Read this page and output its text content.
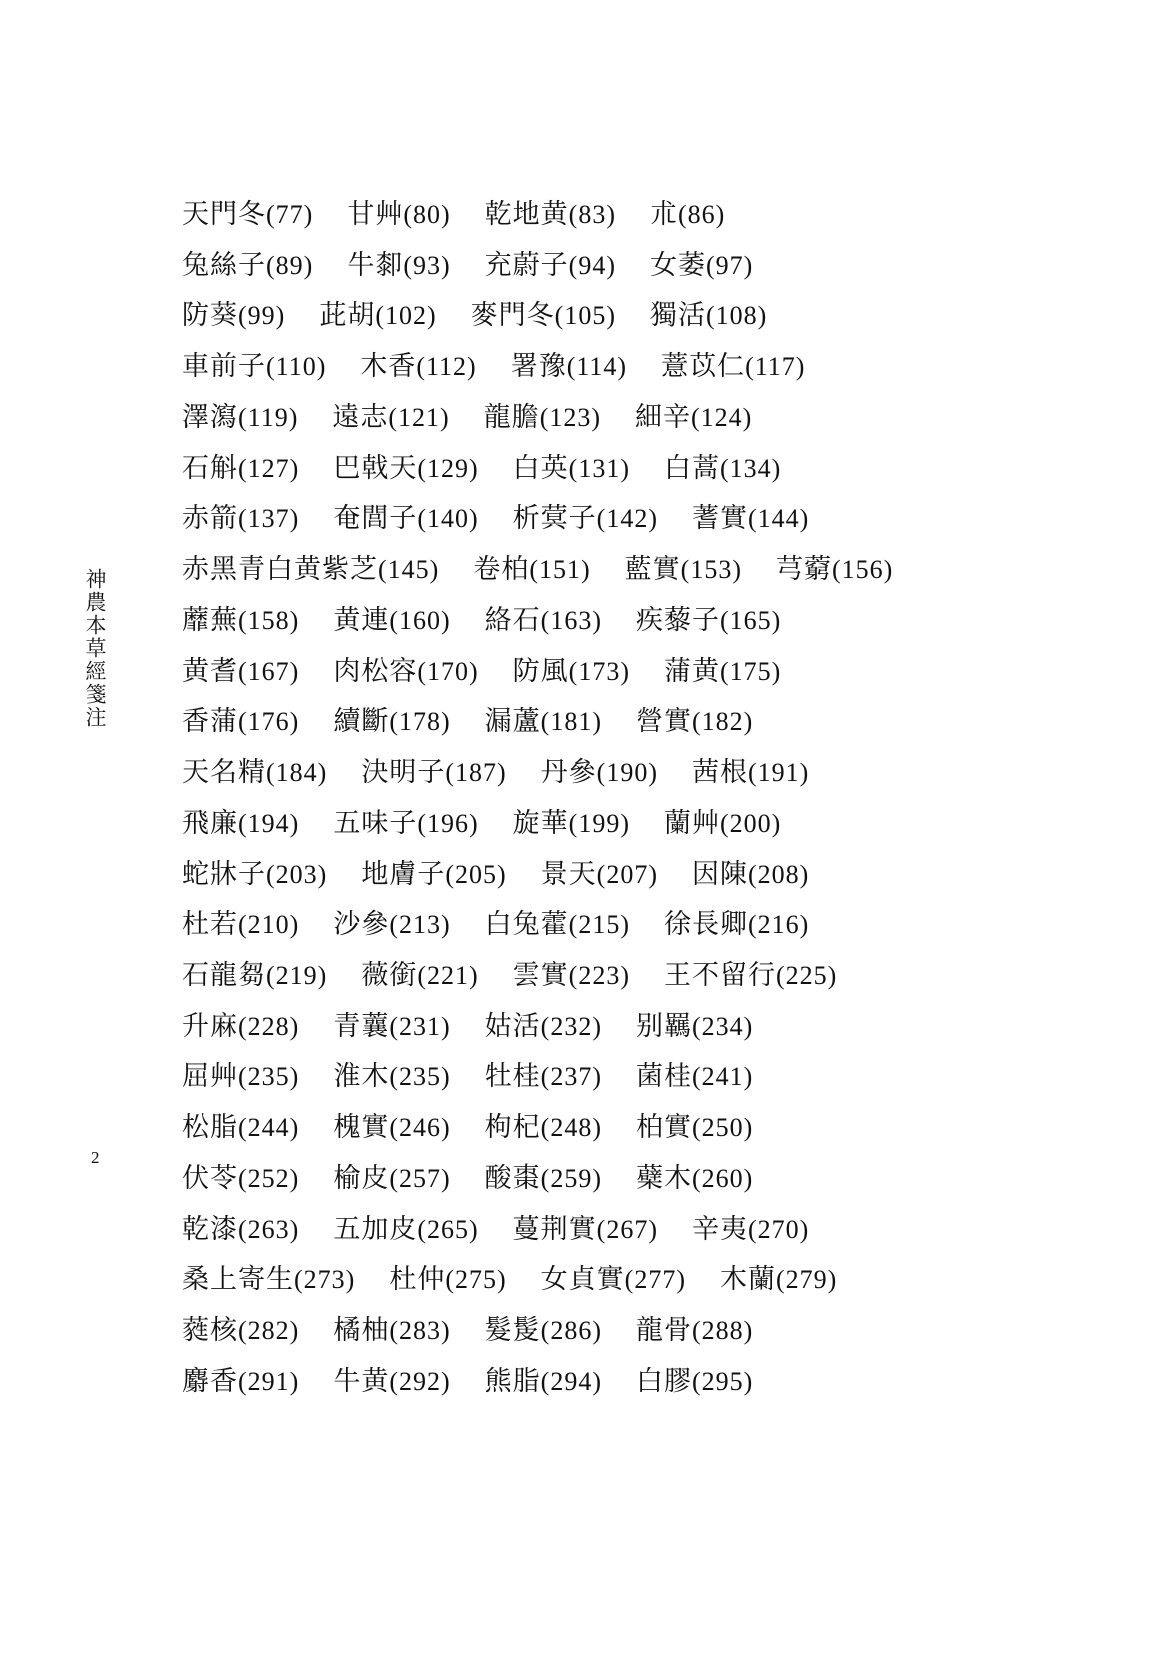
神農本草經箋注
2
天門冬 (77) 甘艸 (80) 乾地黄 (83) 朮 (86)
兔絲子 (89) 牛厀 (93) 充蔚子 (94) 女萎 (97)
防葵 (99) 茈胡 (102) 麥門冬 (105) 獨活 (108)
車前子 (110) 木香 (112) 署豫 (114) 薏苡仁 (117)
澤瀉 (119) 遠志 (121) 龍膽 (123) 細辛 (124)
石斛 (127) 巴戟天 (129) 白英 (131) 白蒿 (134)
赤箭 (137) 奄閭子 (140) 析蓂子 (142) 蓍實 (144)
赤黑青白黄紫芝 (145) 卷柏 (151) 藍實 (153) 芎藭 (156)
蘼蕪 (158) 黄連 (160) 絡石 (163) 疾藜子 (165)
黄耆 (167) 肉松容 (170) 防風 (173) 蒲黄 (175)
香蒲 (176) 續斷 (178) 漏蘆 (181) 營實 (182)
天名精 (184) 決明子 (187) 丹參 (190) 茜根 (191)
飛廉 (194) 五味子 (196) 旋華 (199) 蘭艸 (200)
蛇牀子 (203) 地膚子 (205) 景天 (207) 因陳 (208)
杜若 (210) 沙參 (213) 白兔藿 (215) 徐長卿 (216)
石龍芻 (219) 薇銜 (221) 雲實 (223) 王不留行 (225)
升麻 (228) 青蘘 (231) 姑活 (232) 别羈 (234)
屈艸 (235) 淮木 (235) 牡桂 (237) 菌桂 (241)
松脂 (244) 槐實 (246) 枸杞 (248) 柏實 (250)
伏苓 (252) 榆皮 (257) 酸棗 (259) 蘗木 (260)
乾漆 (263) 五加皮 (265) 蔓荆實 (267) 辛夷 (270)
桑上寄生 (273) 杜仲 (275) 女貞實 (277) 木蘭 (279)
蕤核 (282) 橘柚 (283) 髮髲 (286) 龍骨 (288)
麝香 (291) 牛黄 (292) 熊脂 (294) 白膠 (295)
